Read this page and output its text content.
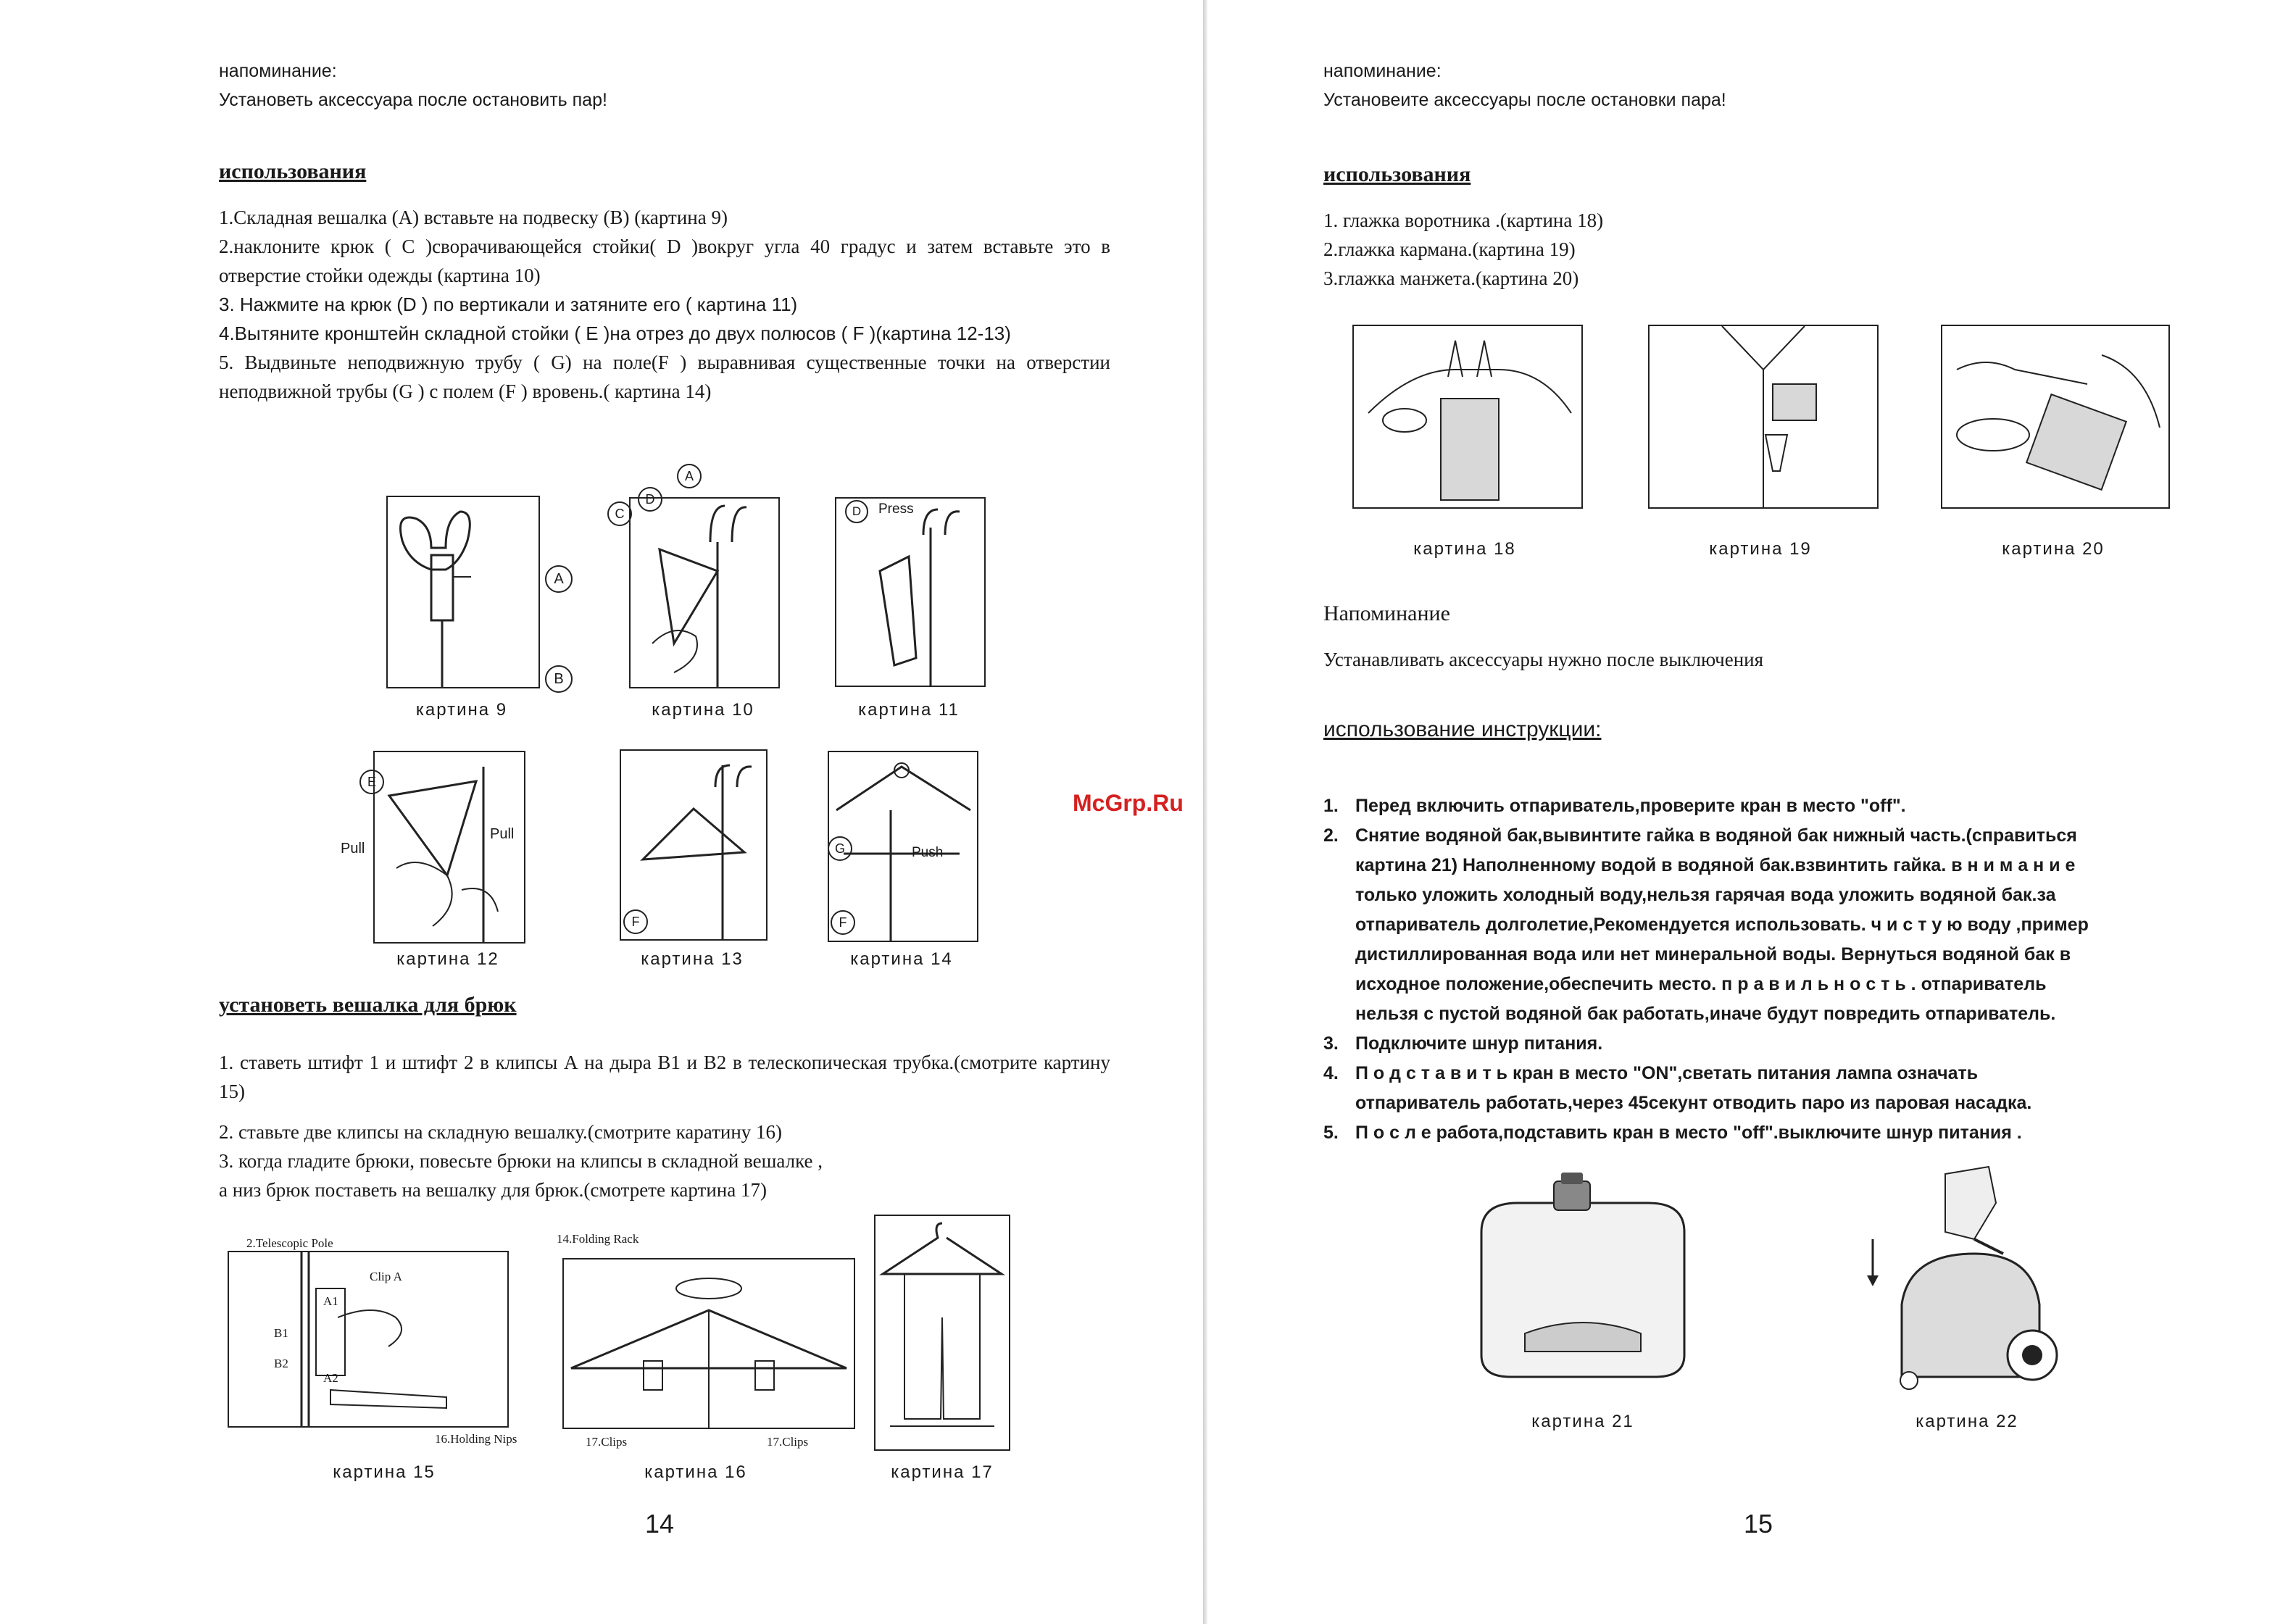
напоминание:
Установеть аксессуара после остановить пар!
использования
1.Складная вешалка (А) вставьте на подвеску (В) (картина 9)
2.наклоните крюк ( С )сворачивающейся стойки( D )вокруг угла 40 градус и затем вставьте это в отверстие стойки одежды (картина 10)
3. Нажмите на крюк (D ) по вертикали и затяните его ( картина 11)
4.Вытяните кронштейн складной стойки ( Е )на отрез до двух полюсов ( F )(картина 12-13)
5. Выдвиньте неподвижную трубу ( G) на поле(F ) выравнивая существенные точки на отверстии неподвижной трубы (G ) с полем (F ) вровень.( картина 14)
A
B
картина 9
C
D
A
картина 10
D	Press
картина 11
E
Pull
Pull
картина 12
F
картина 13
G	Push
F
картина 14
установеть вешалка для брюк
1. ставеть штифт 1 и штифт 2 в клипсы А на дыра В1 и В2 в телескопическая трубка.(смотрите картину 15)
2. ставьте две клипсы на складную вешалку.(смотрите каратину 16)
3. когда гладите брюки, повесьте брюки на клипсы в складной вешалке ,
а низ брюк поставеть на вешалку для брюк.(смотрете картина 17)
2.Telescopic Pole
Clip A
A1
B1
B2
A2
16.Holding Nips
картина 15
14.Folding Rack
17.Clips	17.Clips
картина 16	картина 17
14
McGrp.Ru
напоминание:
Установеите аксессуары после остановки пара!
использования
1. глажка воротника .(картина 18)
2.глажка кармана.(картина 19)
3.глажка манжета.(картина 20)
картина 18	картина 19	картина 20
Напоминание
Устанавливать аксессуары нужно после выключения
использование инструкции:
1. Перед включить отпариватель,проверите кран в место "off".
2. Снятие водяной бак,вывинтите гайка в водяной бак нижный часть.(справиться
картина 21) Наполненному водой в водяной бак.взвинтить гайка. в н и м а н и е
только уложить холодный воду,нельзя гарячая вода уложить водяной бак.за
отпариватель долголетие,Рекомендуется использовать. ч и с т у ю воду ,пример
дистиллированная вода или нет минеральной воды. Вернуться водяной бак в
исходное положение,обеспечить место. п р а в и л ь н о с т ь . отпариватель
нельзя с пустой водяной бак работать,иначе будут повредить отпариватель.
3. Подключите шнур питания.
4. П о д с т а в и т ь кран в место "ON",светать питания лампа означать
отпариватель работать,через 45секунт отводить паро из паровая насадка.
5. П о с л е работа,подставить кран в место "off".выключите шнур питания .
картина 21	картина 22
15
